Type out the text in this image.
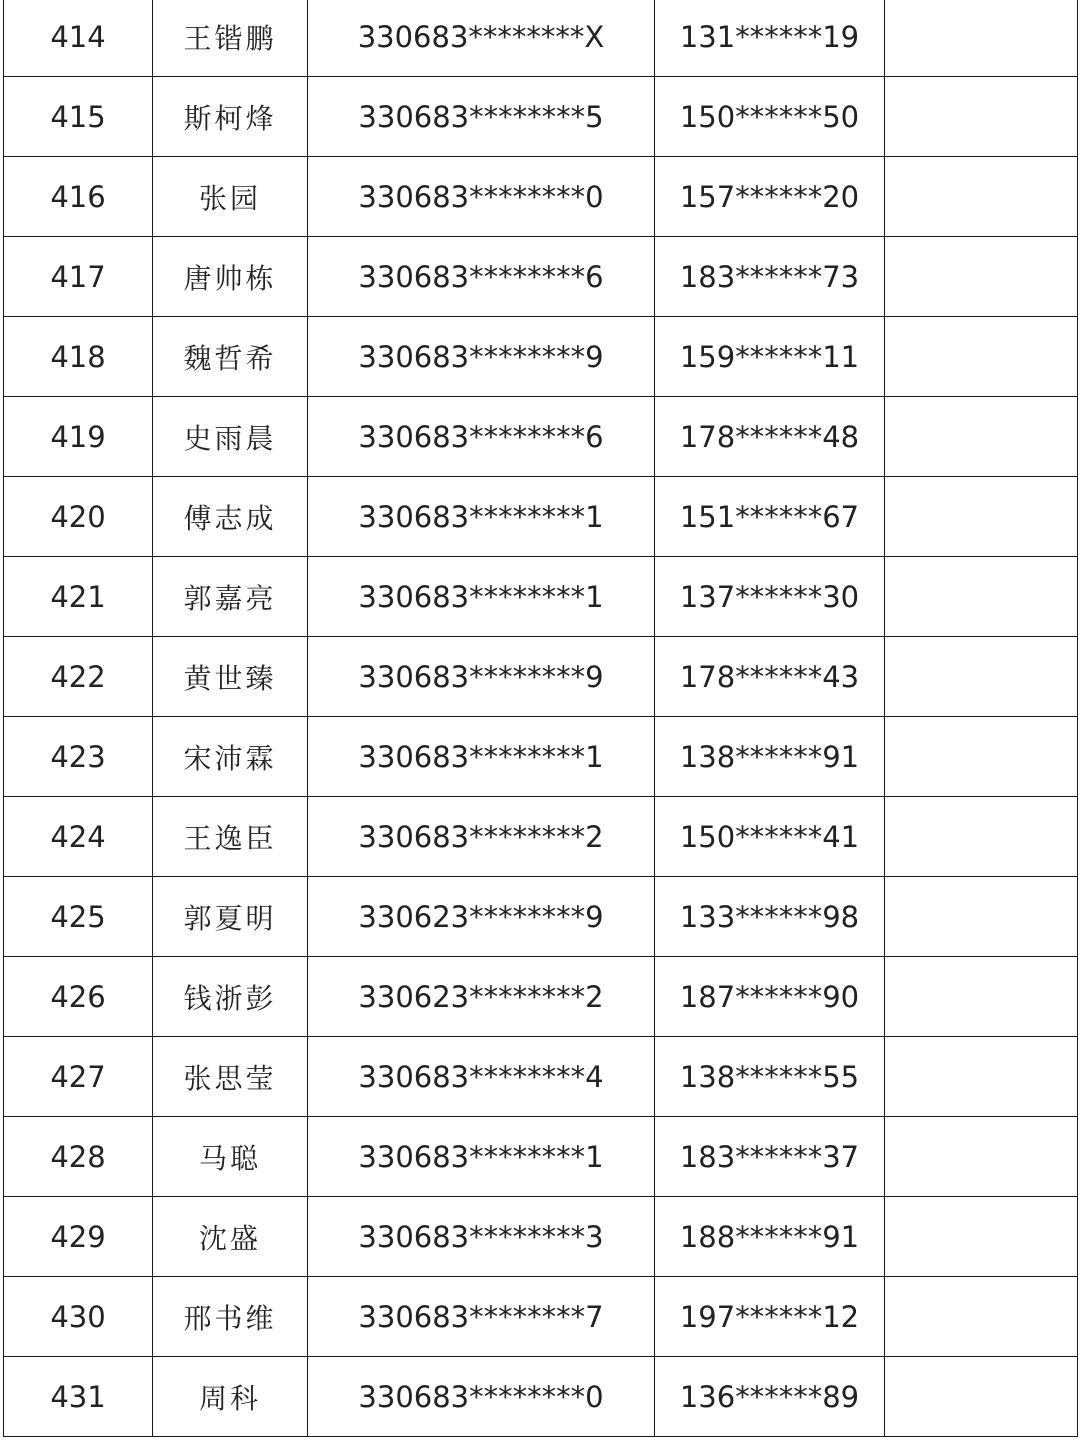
414	王锴鹏	330683********X	131******19	
415	斯柯烽	330683********5	150******50	
416	张园	330683********0	157******20	
417	唐帅栋	330683********6	183******73	
418	魏哲希	330683********9	159******11	
419	史雨晨	330683********6	178******48	
420	傅志成	330683********1	151******67	
421	郭嘉亮	330683********1	137******30	
422	黄世臻	330683********9	178******43	
423	宋沛霖	330683********1	138******91	
424	王逸臣	330683********2	150******41	
425	郭夏明	330623********9	133******98	
426	钱浙彭	330623********2	187******90	
427	张思莹	330683********4	138******55	
428	马聪	330683********1	183******37	
429	沈盛	330683********3	188******91	
430	邢书维	330683********7	197******12	
431	周科	330683********0	136******89	
